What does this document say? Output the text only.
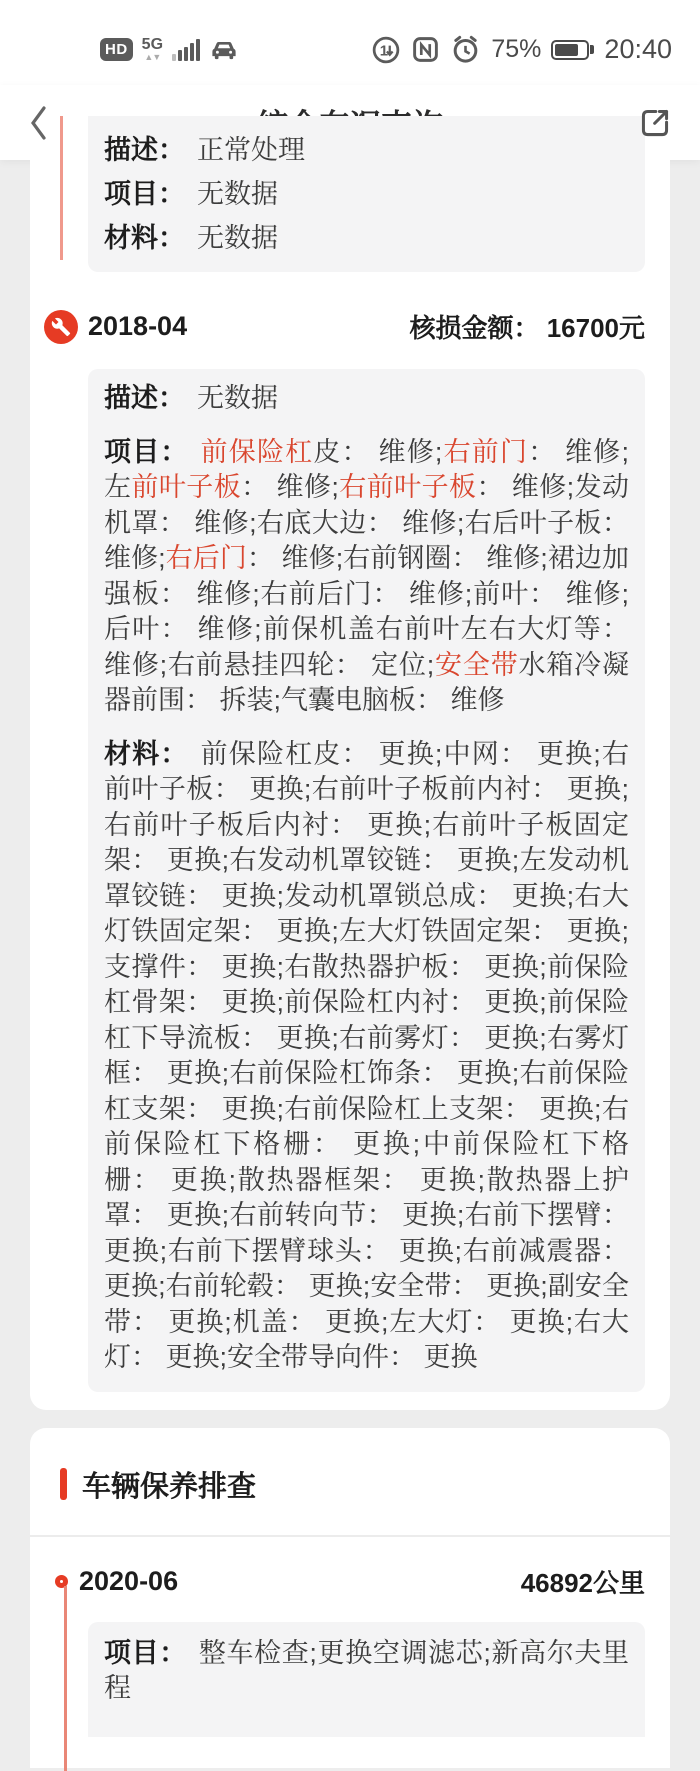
HD 5G
▲▼	1	75% 20:40
描述： 正常处理
项目： 无数据
材料： 无数据
2018-04	核损金额： 16700元

描述： 无数据

项目： 前保险杠皮： 维修;右前门： 维修;左前叶子板： 维修;右前叶子板： 维修;发动机罩： 维修;右底大边： 维修;右后叶子板： 维修;右后门： 维修;右前钢圈： 维修;裙边加强板： 维修;右前后门： 维修;前叶： 维修;后叶： 维修;前保机盖右前叶左右大灯等： 维修;右前悬挂四轮： 定位;安全带水箱冷凝器前围： 拆装;气囊电脑板： 维修

材料： 前保险杠皮： 更换;中网： 更换;右前叶子板： 更换;右前叶子板前内衬： 更换;右前叶子板后内衬： 更换;右前叶子板固定架： 更换;右发动机罩铰链： 更换;左发动机罩铰链： 更换;发动机罩锁总成： 更换;右大灯铁固定架： 更换;左大灯铁固定架： 更换;支撑件： 更换;右散热器护板： 更换;前保险杠骨架： 更换;前保险杠内衬： 更换;前保险杠下导流板： 更换;右前雾灯： 更换;右雾灯框： 更换;右前保险杠饰条： 更换;右前保险杠支架： 更换;右前保险杠上支架： 更换;右前保险杠下格栅： 更换;中前保险杠下格栅： 更换;散热器框架： 更换;散热器上护罩： 更换;右前转向节： 更换;右前下摆臂： 更换;右前下摆臂球头： 更换;右前减震器： 更换;右前轮毂： 更换;安全带： 更换;副安全带： 更换;机盖： 更换;左大灯： 更换;右大灯： 更换;安全带导向件： 更换

车辆保养排查
2020-06	46892公里

项目： 整车检查;更换空调滤芯;新高尔夫里程
